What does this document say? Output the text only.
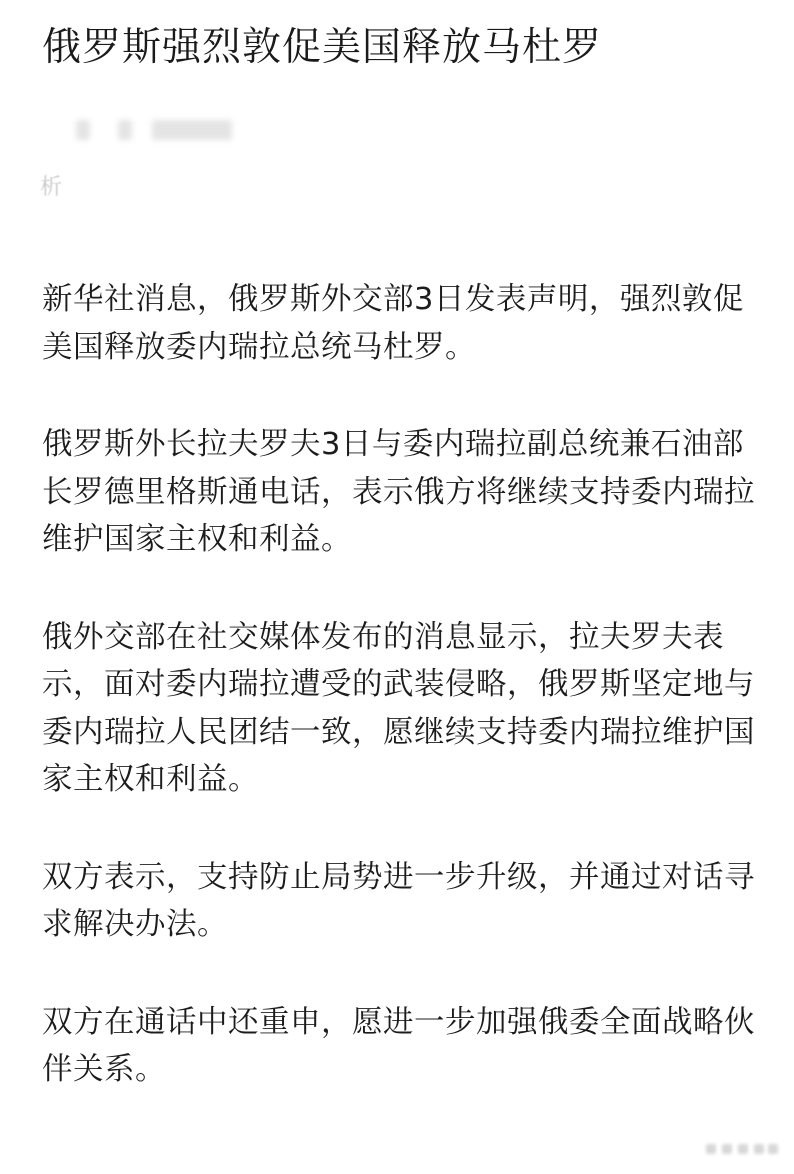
俄罗斯强烈敦促美国释放马杜罗
析

新华社消息，俄罗斯外交部3日发表声明，强烈敦促美国释放委内瑞拉总统马杜罗。

俄罗斯外长拉夫罗夫3日与委内瑞拉副总统兼石油部长罗德里格斯通电话，表示俄方将继续支持委内瑞拉维护国家主权和利益。

俄外交部在社交媒体发布的消息显示，拉夫罗夫表示，面对委内瑞拉遭受的武装侵略，俄罗斯坚定地与委内瑞拉人民团结一致，愿继续支持委内瑞拉维护国家主权和利益。

双方表示，支持防止局势进一步升级，并通过对话寻求解决办法。

双方在通话中还重申，愿进一步加强俄委全面战略伙伴关系。
